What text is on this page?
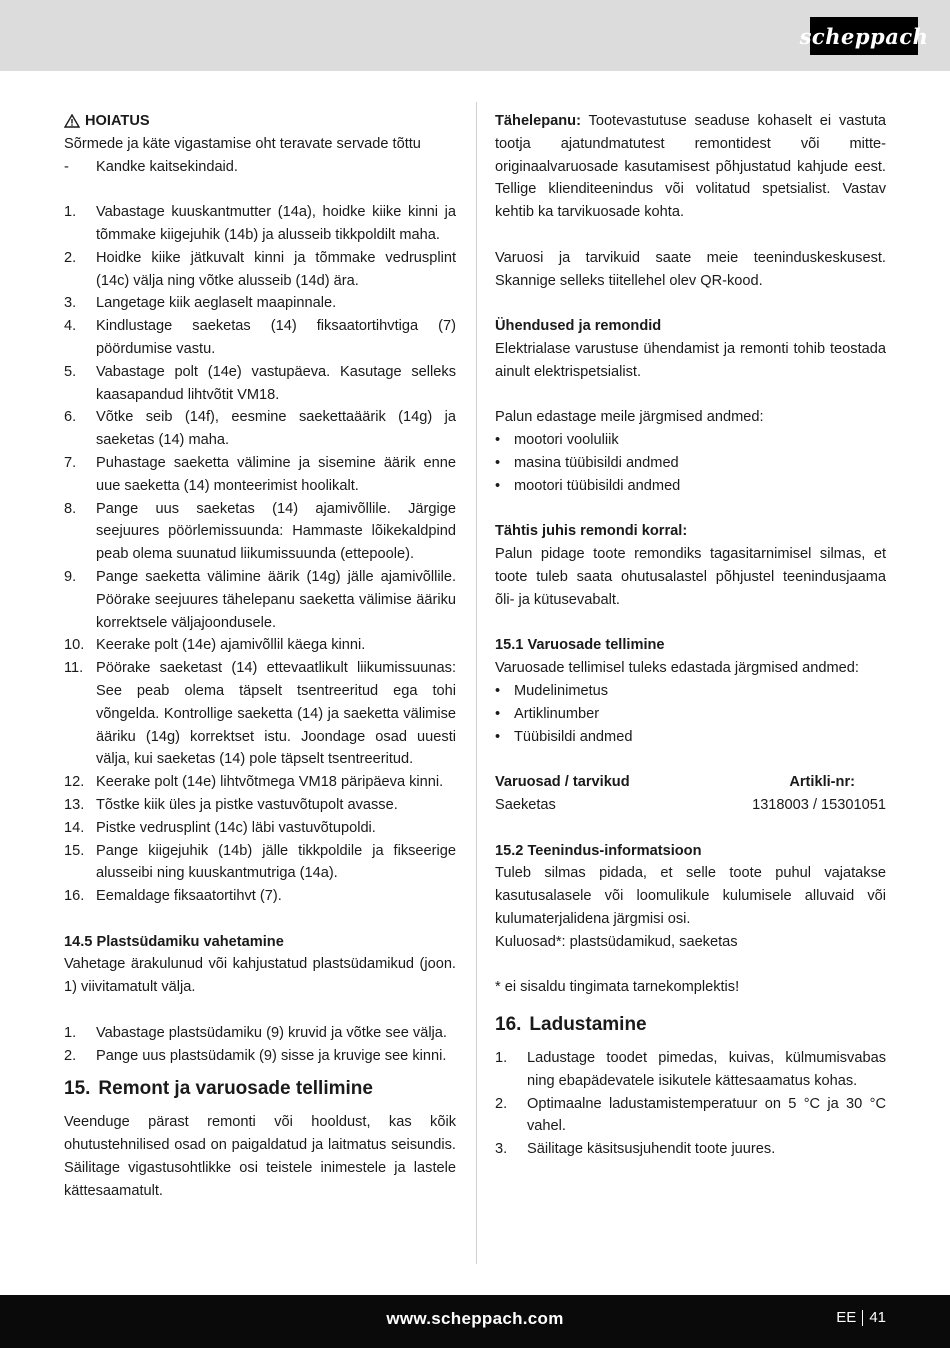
scheppach
HOIATUS

Sõrmede ja käte vigastamise oht teravate servade tõttu

-	Kandke kaitsekindaid.
1.	Vabastage kuuskantmutter (14a), hoidke kiike kinni ja tõmmake kiigejuhik (14b) ja alusseib tikkpoldilt maha.
2.	Hoidke kiike jätkuvalt kinni ja tõmmake vedrusplint (14c) välja ning võtke alusseib (14d) ära.
3.	Langetage kiik aeglaselt maapinnale.
4.	Kindlustage saeketas (14) fiksaatortihvtiga (7) pöördumise vastu.
5.	Vabastage polt (14e) vastupäeva. Kasutage selleks kaasapandud lihtvõtit VM18.
6.	Võtke seib (14f), eesmine saekettaäärik (14g) ja saeketas (14) maha.
7.	Puhastage saeketta välimine ja sisemine äärik enne uue saeketta (14) monteerimist hoolikalt.
8.	Pange uus saeketas (14) ajamivõllile. Järgige seejuures pöörlemissuunda: Hammaste lõikekaldpind peab olema suunatud liikumissuunda (ettepoole).
9.	Pange saeketta välimine äärik (14g) jälle ajamivõllile. Pöörake seejuures tähelepanu saeketta välimise ääriku korrektsele väljajoondusele.
10. Keerake polt (14e) ajamivõllil käega kinni.
11. Pöörake saeketast (14) ettevaatlikult liikumissuunas: See peab olema täpselt tsentreeritud ega tohi võngelda. Kontrollige saeketta (14) ja saeketta välimise ääriku (14g) korrektset istu. Joondage osad uuesti välja, kui saeketas (14) pole täpselt tsentreeritud.
12. Keerake polt (14e) lihtvõtmega VM18 päripäeva kinni.
13. Tõstke kiik üles ja pistke vastuvõtupolt avasse.
14. Pistke vedrusplint (14c) läbi vastuvõtupoldi.
15. Pange kiigejuhik (14b) jälle tikkpoldile ja fikseerige alusseibi ning kuuskantmutriga (14a).
16. Eemaldage fiksaatortihvt (7).

14.5 Plastsüdamiku vahetamine

Vahetage ärakulunud või kahjustatud plastsüdamikud (joon. 1) viivitamatult välja.

1.	Vabastage plastsüdamiku (9) kruvid ja võtke see välja.
2.	Pange uus plastsüdamik (9) sisse ja kruvige see kinni.
15. Remont ja varuosade tellimine

Veenduge pärast remonti või hooldust, kas kõik ohutustehnilised osad on paigaldatud ja laitmatus seisundis. Säilitage vigastusohtlikke osi teistele inimestele ja lastele kättesaamatult.

Tähelepanu: Tootevastutuse seaduse kohaselt ei vastuta tootja ajatundmatutest remontidest või mitte-originaalvaruosade kasutamisest põhjustatud kahjude eest. Tellige klienditeenindus või volitatud spetsialist. Vastav kehtib ka tarvikuosade kohta.

Varuosi ja tarvikuid saate meie teeninduskeskusest. Skannige selleks tiitellehel olev QR-kood.

Ühendused ja remondid

Elektrialase varustuse ühendamist ja remonti tohib teostada ainult elektrispetsialist.

Palun edastage meile järgmised andmed:

• mootori vooluliik
• masina tüübisildi andmed
• mootori tüübisildi andmed

Tähtis juhis remondi korral:

Palun pidage toote remondiks tagasitarnimisel silmas, et toote tuleb saata ohutusalastel põhjustel teenindusjaama õli- ja kütusevabalt.

15.1 Varuosade tellimine

Varuosade tellimisel tuleks edastada järgmised andmed:

• Mudelinimetus
• Artiklinumber
• Tüübisildi andmed
Varuosad / tarvikud	Artikli-nr:
Saeketas	1318003 / 15301051

15.2 Teenindus-informatsioon

Tuleb silmas pidada, et selle toote puhul vajatakse kasutusalasele või loomulikule kulumisele alluvaid või kulumaterjalidena järgmisi osi.

Kuluosad*: plastsüdamikud, saeketas

* ei sisaldu tingimata tarnekomplektis!

16. Ladustamine
1.	Ladustage toodet pimedas, kuivas, külmumisvabas ning ebapädevatele isikutele kättesaamatus kohas.
2.	Optimaalne ladustamistemperatuur on 5 °C ja 30 °C vahel.
3.	Säilitage käsitsusjuhendit toote juures.
www.scheppach.com	EE 41
